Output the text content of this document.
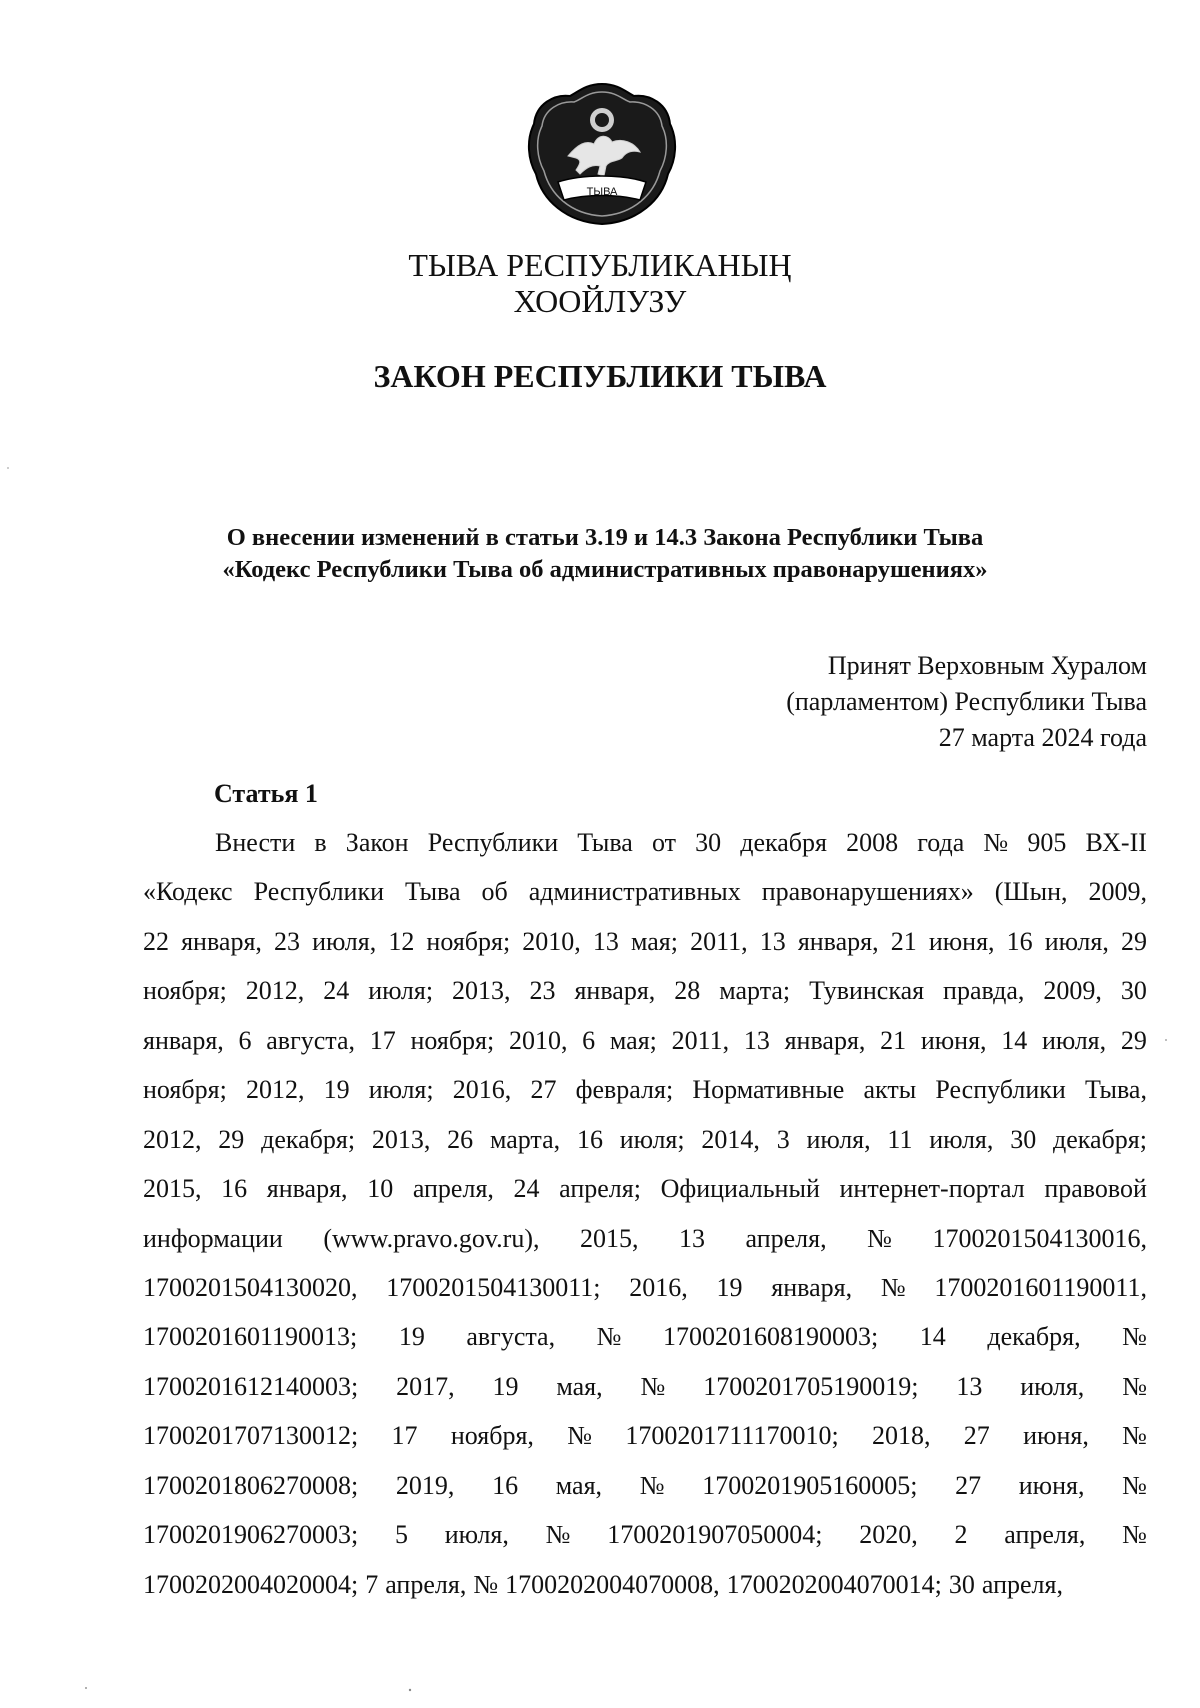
ТЫВА
ТЫВА РЕСПУБЛИКАНЫҢ
ХООЙЛУЗУ
ЗАКОН РЕСПУБЛИКИ ТЫВА
О внесении изменений в статьи 3.19 и 14.3 Закона Республики Тыва
«Кодекс Республики Тыва об административных правонарушениях»
Принят Верховным Хуралом
(парламентом) Республики Тыва
27 марта 2024 года
Статья 1
Внести в Закон Республики Тыва от 30 декабря 2008 года № 905 ВХ-II
«Кодекс Республики Тыва об административных правонарушениях» (Шын, 2009,
22 января, 23 июля, 12 ноября; 2010, 13 мая; 2011, 13 января, 21 июня, 16 июля, 29
ноября; 2012, 24 июля; 2013, 23 января, 28 марта; Тувинская правда, 2009, 30
января, 6 августа, 17 ноября; 2010, 6 мая; 2011, 13 января, 21 июня, 14 июля, 29
ноября; 2012, 19 июля; 2016, 27 февраля; Нормативные акты Республики Тыва,
2012, 29 декабря; 2013, 26 марта, 16 июля; 2014, 3 июля, 11 июля, 30 декабря;
2015, 16 января, 10 апреля, 24 апреля; Официальный интернет-портал правовой
информации (www.pravo.gov.ru), 2015, 13 апреля, № 1700201504130016,
1700201504130020, 1700201504130011; 2016, 19 января, № 1700201601190011,
1700201601190013; 19 августа, № 1700201608190003; 14 декабря, №
1700201612140003; 2017, 19 мая, № 1700201705190019; 13 июля, №
1700201707130012; 17 ноября, № 1700201711170010; 2018, 27 июня, №
1700201806270008; 2019, 16 мая, № 1700201905160005; 27 июня, №
1700201906270003; 5 июля, № 1700201907050004; 2020, 2 апреля, №
1700202004020004; 7 апреля, № 1700202004070008, 1700202004070014; 30 апреля,
